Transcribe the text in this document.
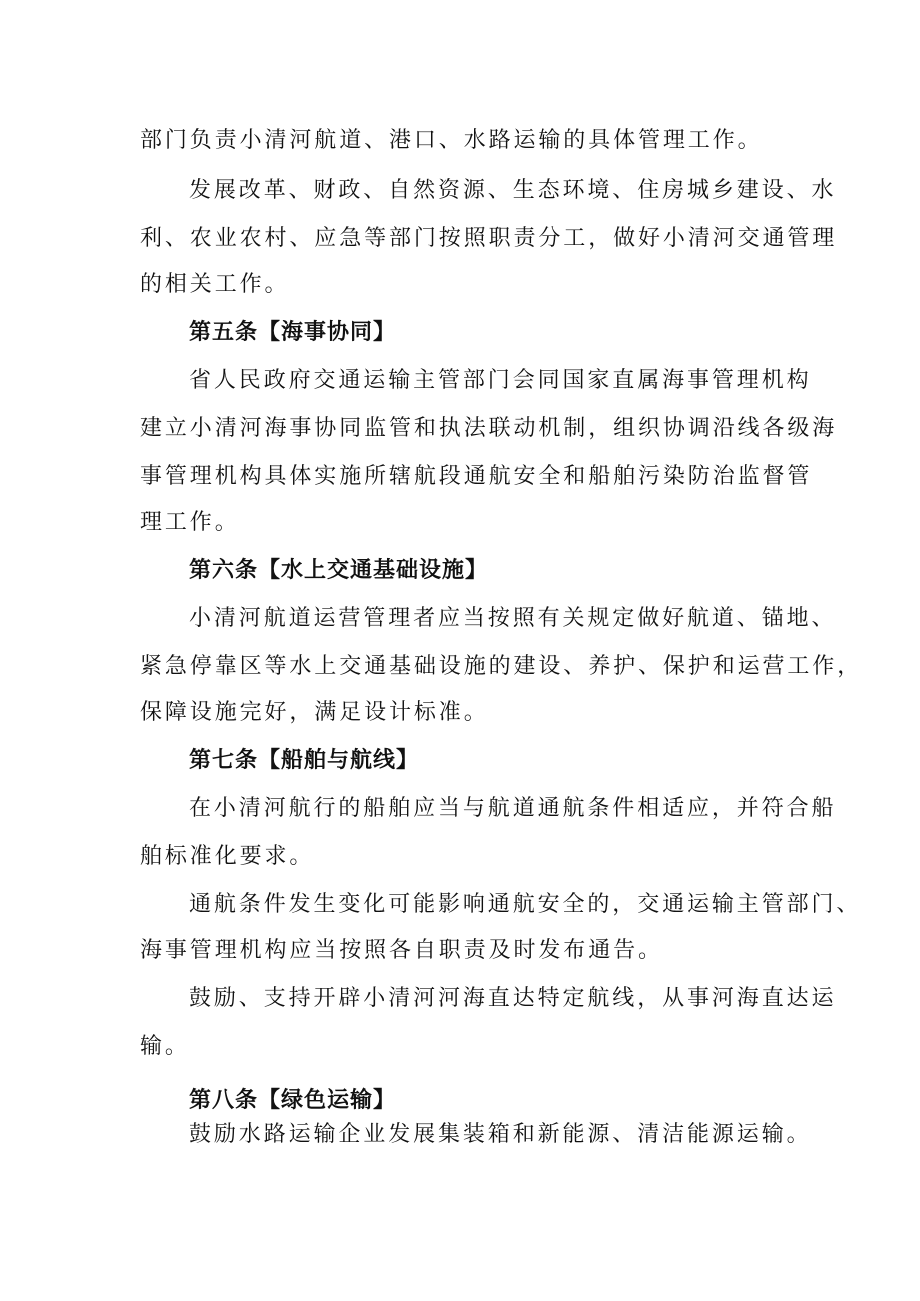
部门负责小清河航道、港口、水路运输的具体管理工作。
发展改革、财政、自然资源、生态环境、住房城乡建设、水
利、农业农村、应急等部门按照职责分工，做好小清河交通管理
的相关工作。
第五条【海事协同】
省人民政府交通运输主管部门会同国家直属海事管理机构
建立小清河海事协同监管和执法联动机制，组织协调沿线各级海
事管理机构具体实施所辖航段通航安全和船舶污染防治监督管
理工作。
第六条【水上交通基础设施】
小清河航道运营管理者应当按照有关规定做好航道、锚地、
紧急停靠区等水上交通基础设施的建设、养护、保护和运营工作，
保障设施完好，满足设计标准。
第七条【船舶与航线】
在小清河航行的船舶应当与航道通航条件相适应，并符合船
舶标准化要求。
通航条件发生变化可能影响通航安全的，交通运输主管部门、
海事管理机构应当按照各自职责及时发布通告。
鼓励、支持开辟小清河河海直达特定航线，从事河海直达运
输。
第八条【绿色运输】
鼓励水路运输企业发展集装箱和新能源、清洁能源运输。
